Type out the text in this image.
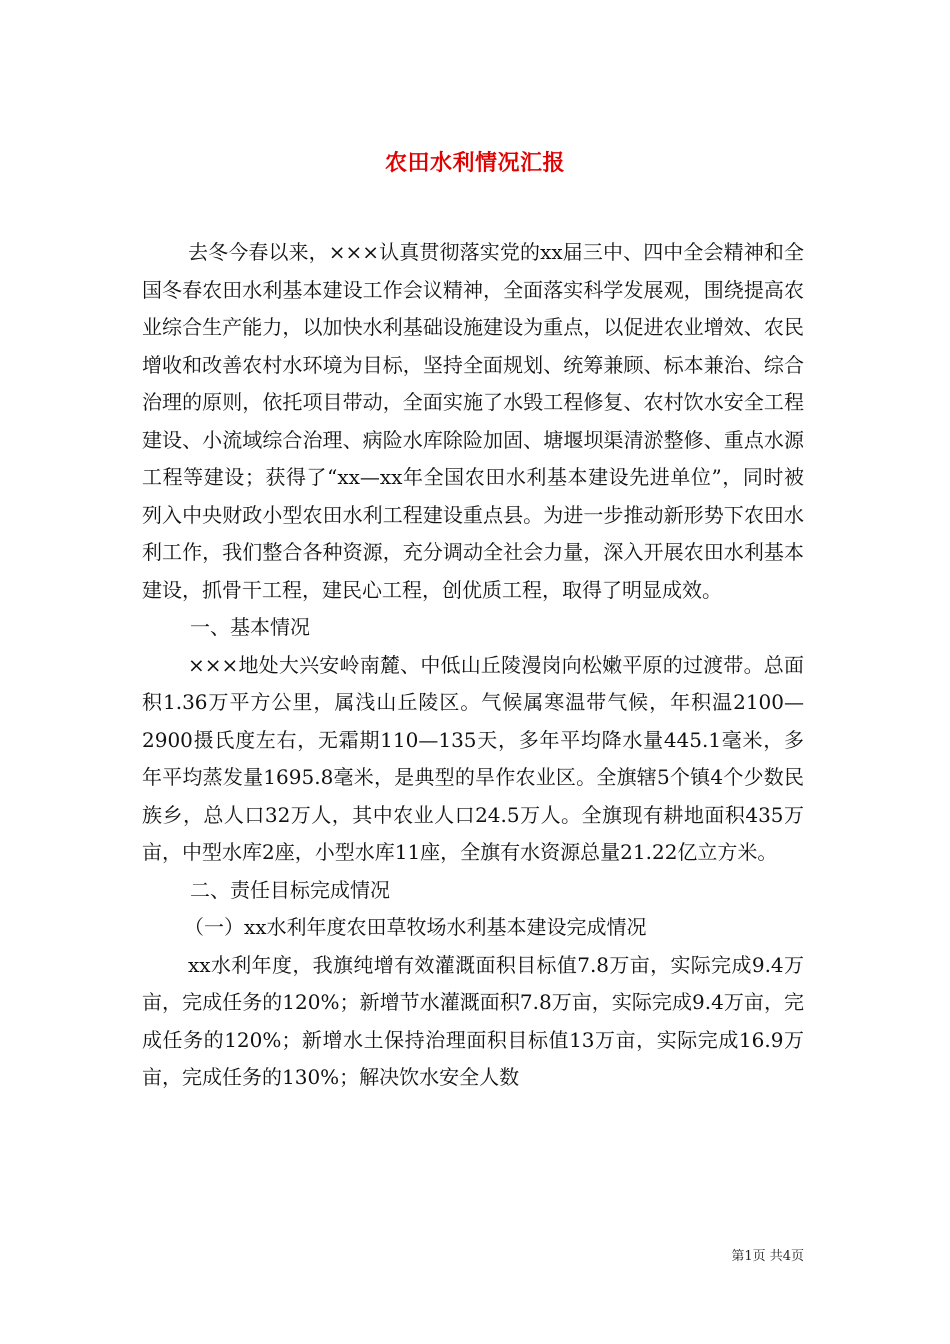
农田水利情况汇报

去冬今春以来，×××认真贯彻落实党的xx届三中、四中全会精神和全国冬春农田水利基本建设工作会议精神，全面落实科学发展观，围绕提高农业综合生产能力，以加快水利基础设施建设为重点，以促进农业增效、农民增收和改善农村水环境为目标，坚持全面规划、统筹兼顾、标本兼治、综合治理的原则，依托项目带动，全面实施了水毁工程修复、农村饮水安全工程建设、小流域综合治理、病险水库除险加固、塘堰坝渠清淤整修、重点水源工程等建设；获得了“xx—xx年全国农田水利基本建设先进单位”，同时被列入中央财政小型农田水利工程建设重点县。为进一步推动新形势下农田水利工作，我们整合各种资源，充分调动全社会力量，深入开展农田水利基本建设，抓骨干工程，建民心工程，创优质工程，取得了明显成效。

一、基本情况

×××地处大兴安岭南麓、中低山丘陵漫岗向松嫩平原的过渡带。总面积1.36万平方公里，属浅山丘陵区。气候属寒温带气候，年积温2100—2900摄氏度左右，无霜期110—135天，多年平均降水量445.1毫米，多年平均蒸发量1695.8毫米，是典型的旱作农业区。全旗辖5个镇4个少数民族乡，总人口32万人，其中农业人口24.5万人。全旗现有耕地面积435万亩，中型水库2座，小型水库11座，全旗有水资源总量21.22亿立方米。

二、责任目标完成情况

（一）xx水利年度农田草牧场水利基本建设完成情况

xx水利年度，我旗纯增有效灌溉面积目标值7.8万亩，实际完成9.4万亩，完成任务的120%；新增节水灌溉面积7.8万亩，实际完成9.4万亩，完成任务的120%；新增水土保持治理面积目标值13万亩，实际完成16.9万亩，完成任务的130%；解决饮水安全人数

第1页 共4页
